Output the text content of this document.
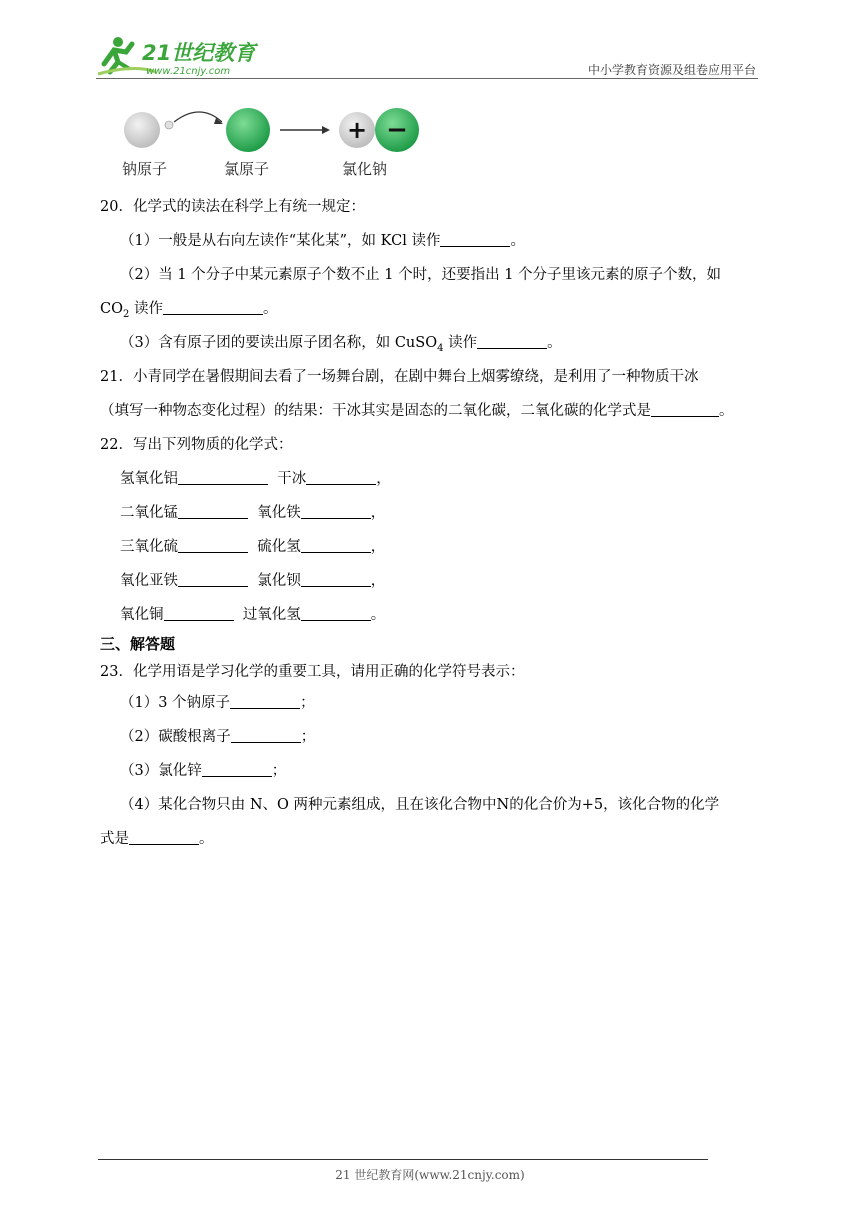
21世纪教育
www.21cnjy.com	中小学教育资源及组卷应用平台
+ −
钠原子	氯原子	氯化钠
20．化学式的读法在科学上有统一规定：
（1）一般是从右向左读作“某化某”，如 KCl 读作	。
（2）当 1 个分子中某元素原子个数不止 1 个时，还要指出 1 个分子里该元素的原子个数，如
$CO_2$ 读作	。
（3）含有原子团的要读出原子团名称，如 CuSO$_4$ 读作	。
21．小青同学在暑假期间去看了一场舞台剧，在剧中舞台上烟雾缭绕，是利用了一种物质干冰
（填写一种物态变化过程）的结果：干冰其实是固态的二氧化碳，二氧化碳的化学式是	。
22．写出下列物质的化学式：
氢氧化铝	干冰	，
二氧化锰	氧化铁	，
三氧化硫	硫化氢	，
氧化亚铁	氯化钡	，
氧化铜	过氧化氢	。
三、解答题
23．化学用语是学习化学的重要工具，请用正确的化学符号表示：
（1）3 个钠原子	；
（2）碳酸根离子	；
（3）氯化锌	；
（4）某化合物只由 N、O 两种元素组成，且在该化合物中N的化合价为+5，该化合物的化学
式是	。
21 世纪教育网(www.21cnjy.com)
